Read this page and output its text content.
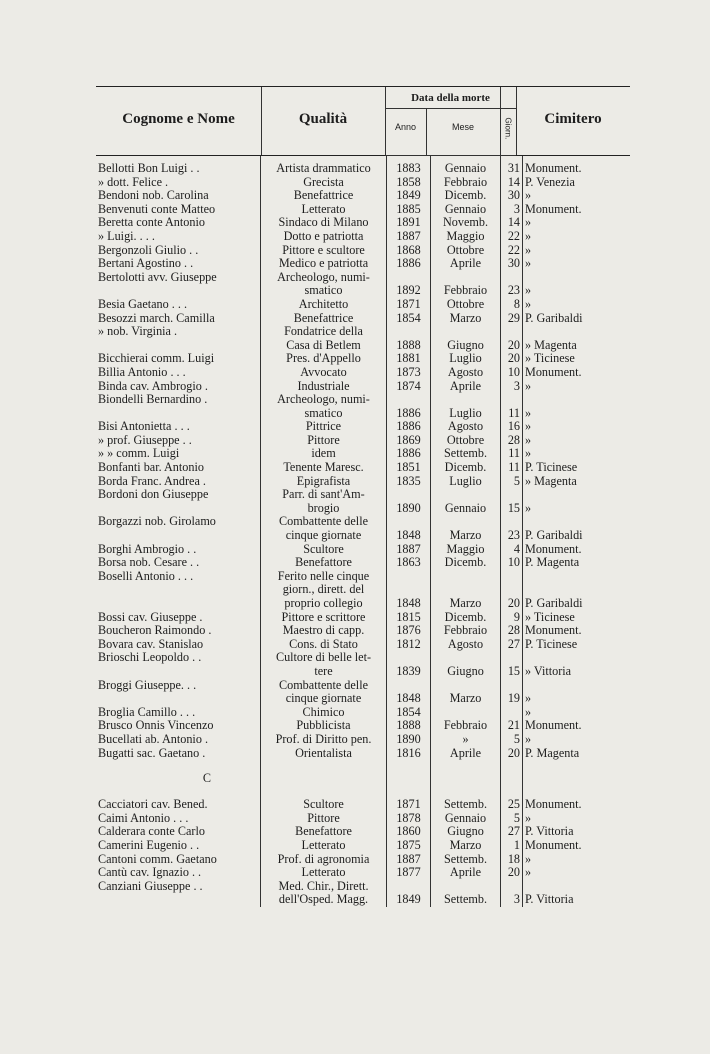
Cognome e Nome	Qualità
Data della morte
Anno	Mese	Giorn.	Cimitero

Bellotti Bon Luigi . .	Artista drammatico	1883	Gennaio	31	Monument.
» dott. Felice .	Grecista	1858	Febbraio	14	P. Venezia
Bendoni nob. Carolina	Benefattrice	1849	Dicemb.	30	»
Benvenuti conte Matteo	Letterato	1885	Gennaio	3	Monument.
Beretta conte Antonio	Sindaco di Milano	1891	Novemb.	14	»
» Luigi. . . .	Dotto e patriotta	1887	Maggio	22	»
Bergonzoli Giulio . .	Pittore e scultore	1868	Ottobre	22	»
Bertani Agostino . .	Medico e patriotta	1886	Aprile	30	»
Bertolotti avv. Giuseppe	Archeologo, numi-				
	smatico	1892	Febbraio	23	»
Besia Gaetano . . .	Architetto	1871	Ottobre	8	»
Besozzi march. Camilla	Benefattrice	1854	Marzo	29	P. Garibaldi
» nob. Virginia .	Fondatrice della				
	Casa di Betlem	1888	Giugno	20	» Magenta
Bicchierai comm. Luigi	Pres. d'Appello	1881	Luglio	20	» Ticinese
Billia Antonio . . .	Avvocato	1873	Agosto	10	Monument.
Binda cav. Ambrogio .	Industriale	1874	Aprile	3	»
Biondelli Bernardino .	Archeologo, numi-				
	smatico	1886	Luglio	11	»
Bisi Antonietta . . .	Pittrice	1886	Agosto	16	»
» prof. Giuseppe . .	Pittore	1869	Ottobre	28	»
» » comm. Luigi	idem	1886	Settemb.	11	»
Bonfanti bar. Antonio	Tenente Maresc.	1851	Dicemb.	11	P. Ticinese
Borda Franc. Andrea .	Epigrafista	1835	Luglio	5	» Magenta
Bordoni don Giuseppe	Parr. di sant'Am-				
	brogio	1890	Gennaio	15	»
Borgazzi nob. Girolamo	Combattente delle				
	cinque giornate	1848	Marzo	23	P. Garibaldi
Borghi Ambrogio . .	Scultore	1887	Maggio	4	Monument.
Borsa nob. Cesare . .	Benefattore	1863	Dicemb.	10	P. Magenta
Boselli Antonio . . .	Ferito nelle cinque				
	giorn., dirett. del				
	proprio collegio	1848	Marzo	20	P. Garibaldi
Bossi cav. Giuseppe .	Pittore e scrittore	1815	Dicemb.	9	» Ticinese
Boucheron Raimondo .	Maestro di capp.	1876	Febbraio	28	Monument.
Bovara cav. Stanislao	Cons. di Stato	1812	Agosto	27	P. Ticinese
Brioschi Leopoldo . .	Cultore di belle let-				
	tere	1839	Giugno	15	» Vittoria
Broggi Giuseppe. . .	Combattente delle				
	cinque giornate	1848	Marzo	19	»
Broglia Camillo . . .	Chimico	1854			»
Brusco Onnis Vincenzo	Pubblicista	1888	Febbraio	21	Monument.
Bucellati ab. Antonio .	Prof. di Diritto pen.	1890	»	5	»
Bugatti sac. Gaetano .	Orientalista	1816	Aprile	20	P. Magenta
C					
Cacciatori cav. Bened.	Scultore	1871	Settemb.	25	Monument.
Caimi Antonio . . .	Pittore	1878	Gennaio	5	»
Calderara conte Carlo	Benefattore	1860	Giugno	27	P. Vittoria
Camerini Eugenio . .	Letterato	1875	Marzo	1	Monument.
Cantoni comm. Gaetano	Prof. di agronomia	1887	Settemb.	18	»
Cantù cav. Ignazio . .	Letterato	1877	Aprile	20	»
Canziani Giuseppe . .	Med. Chir., Dirett.				
	dell'Osped. Magg.	1849	Settemb.	3	P. Vittoria
